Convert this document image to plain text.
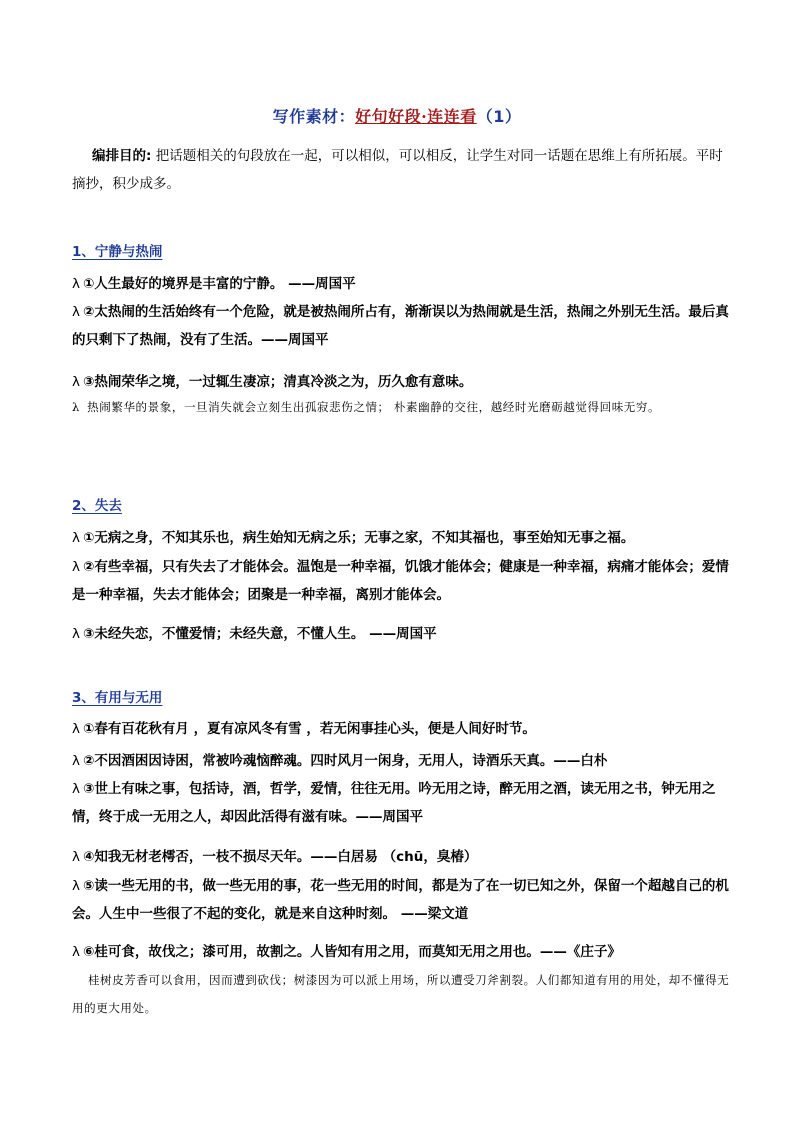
写作素材：好句好段·连连看（1）
编排目的: 把话题相关的句段放在一起，可以相似，可以相反，让学生对同一话题在思维上有所拓展。平时摘抄，积少成多。
1、宁静与热闹
λ ①人生最好的境界是丰富的宁静。 ——周国平
λ ②太热闹的生活始终有一个危险，就是被热闹所占有，渐渐误以为热闹就是生活，热闹之外别无生活。最后真的只剩下了热闹，没有了生活。——周国平
λ ③热闹荣华之境，一过辄生凄凉；清真冷淡之为，历久愈有意味。
λ 热闹繁华的景象，一旦消失就会立刻生出孤寂悲伤之情； 朴素幽静的交往，越经时光磨砺越觉得回味无穷。
2、失去
λ ①无病之身，不知其乐也，病生始知无病之乐；无事之家，不知其福也，事至始知无事之福。
λ ②有些幸福，只有失去了才能体会。温饱是一种幸福，饥饿才能体会；健康是一种幸福，病痛才能体会；爱情是一种幸福，失去才能体会；团聚是一种幸福，离别才能体会。
λ ③未经失恋，不懂爱情；未经失意，不懂人生。 ——周国平
3、有用与无用
λ ①春有百花秋有月 ，夏有凉风冬有雪 ，若无闲事挂心头，便是人间好时节。
λ ②不因酒困因诗困，常被吟魂恼醉魂。四时风月一闲身，无用人，诗酒乐天真。——白朴
λ ③世上有味之事，包括诗，酒，哲学，爱情，往往无用。吟无用之诗，醉无用之酒，读无用之书，钟无用之情，终于成一无用之人，却因此活得有滋有味。——周国平
λ ④知我无材老樗否，一枝不损尽天年。——白居易 （chū，臭椿）
λ ⑤读一些无用的书，做一些无用的事，花一些无用的时间，都是为了在一切已知之外，保留一个超越自己的机会。人生中一些很了不起的变化，就是来自这种时刻。 ——梁文道
λ ⑥桂可食，故伐之；漆可用，故割之。人皆知有用之用，而莫知无用之用也。——《庄子》
桂树皮芳香可以食用，因而遭到砍伐；树漆因为可以派上用场，所以遭受刀斧割裂。人们都知道有用的用处，却不懂得无用的更大用处。
